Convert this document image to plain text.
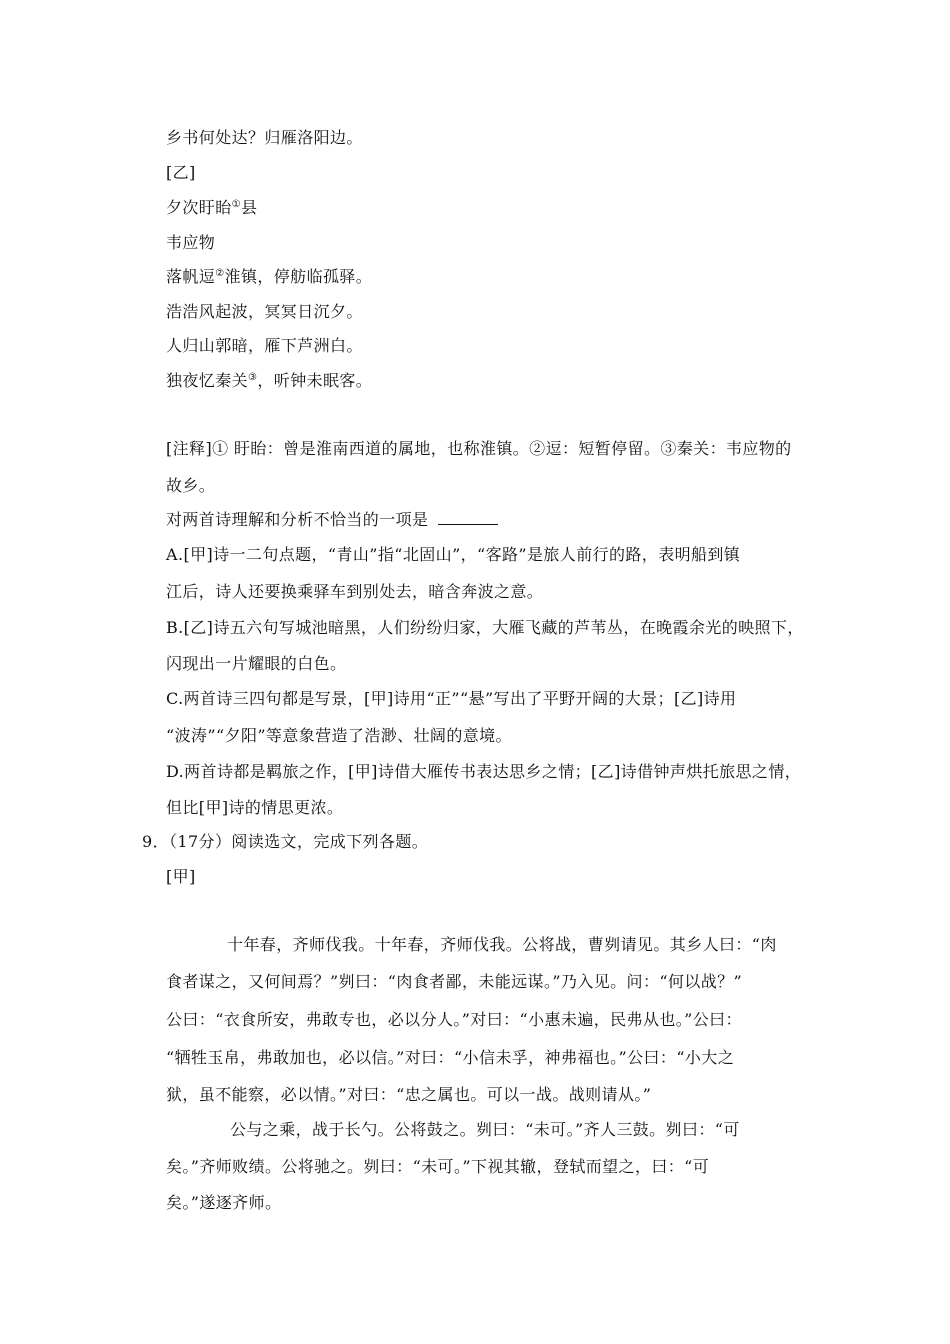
乡书何处达？归雁洛阳边。
[乙]
夕次盱眙①县
韦应物
落帆逗②淮镇，停舫临孤驿。
浩浩风起波，冥冥日沉夕。
人归山郭暗，雁下芦洲白。
独夜忆秦关③，听钟未眠客。
[注释]① 盱眙：曾是淮南西道的属地，也称淮镇。②逗：短暂停留。③秦关：韦应物的
故乡。
对两首诗理解和分析不恰当的一项是
A.[甲]诗一二句点题，“青山”指“北固山”，“客路”是旅人前行的路，表明船到镇
江后，诗人还要换乘驿车到别处去，暗含奔波之意。
B.[乙]诗五六句写城池暗黑，人们纷纷归家，大雁飞藏的芦苇丛，在晚霞余光的映照下，
闪现出一片耀眼的白色。
C.两首诗三四句都是写景，[甲]诗用“正”“悬”写出了平野开阔的大景；[乙]诗用
“波涛”“夕阳”等意象营造了浩渺、壮阔的意境。
D.两首诗都是羁旅之作，[甲]诗借大雁传书表达思乡之情；[乙]诗借钟声烘托旅思之情，
但比[甲]诗的情思更浓。
9．（17分）阅读选文，完成下列各题。
[甲]
十年春，齐师伐我。十年春，齐师伐我。公将战，曹刿请见。其乡人曰：“肉
食者谋之，又何间焉？”刿曰：“肉食者鄙，未能远谋。”乃入见。问：“何以战？”
公曰：“衣食所安，弗敢专也，必以分人。”对曰：“小惠未遍，民弗从也。”公曰：
“牺牲玉帛，弗敢加也，必以信。”对曰：“小信未孚，神弗福也。”公曰：“小大之
狱，虽不能察，必以情。”对曰：“忠之属也。可以一战。战则请从。”
公与之乘，战于长勺。公将鼓之。刿曰：“未可。”齐人三鼓。刿曰：“可
矣。”齐师败绩。公将驰之。刿曰：“未可。”下视其辙，登轼而望之，曰：“可
矣。”遂逐齐师。
